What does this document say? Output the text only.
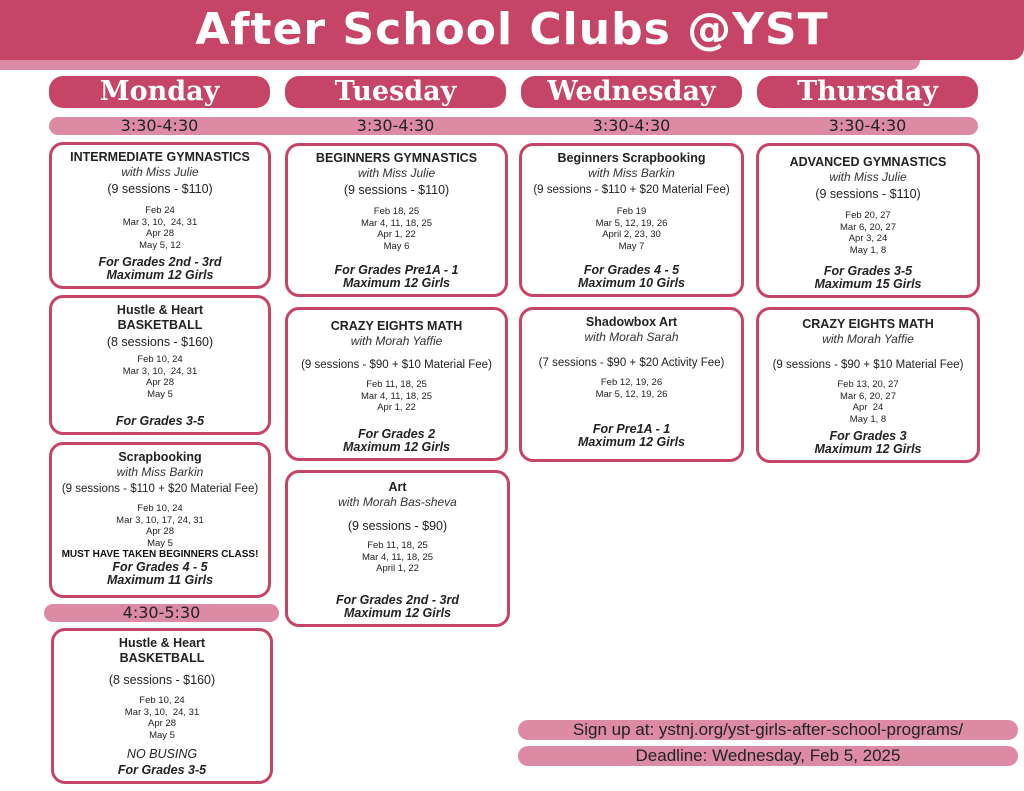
After School Clubs @YST
Monday	Tuesday	Wednesday	Thursday
3:30-4:30	3:30-4:30	3:30-4:30	3:30-4:30
INTERMEDIATE GYMNASTICS
with Miss Julie
(9 sessions - $110)
Feb 24
Mar 3, 10,  24, 31
Apr 28
May 5, 12
For Grades 2nd - 3rd
Maximum 12 Girls
Hustle & Heart
BASKETBALL
(8 sessions - $160)
Feb 10, 24
Mar 3, 10,  24, 31
Apr 28
May 5
For Grades 3-5
Scrapbooking
with Miss Barkin
(9 sessions - $110 + $20 Material Fee)
Feb 10, 24
Mar 3, 10, 17, 24, 31
Apr 28
May 5
MUST HAVE TAKEN BEGINNERS CLASS!
For Grades 4 - 5
Maximum 11 Girls
4:30-5:30
Hustle & Heart
BASKETBALL
(8 sessions - $160)
Feb 10, 24
Mar 3, 10,  24, 31
Apr 28
May 5
NO BUSING
For Grades 3-5
BEGINNERS GYMNASTICS
with Miss Julie
(9 sessions - $110)
Feb 18, 25
Mar 4, 11, 18, 25
Apr 1, 22
May 6
For Grades Pre1A - 1
Maximum 12 Girls
CRAZY EIGHTS MATH
with Morah Yaffie
(9 sessions - $90 + $10 Material Fee)
Feb 11, 18, 25
Mar 4, 11, 18, 25
Apr 1, 22
For Grades 2
Maximum 12 Girls
Art
with Morah Bas-sheva
(9 sessions - $90)
Feb 11, 18, 25
Mar 4, 11, 18, 25
April 1, 22
For Grades 2nd - 3rd
Maximum 12 Girls
Beginners Scrapbooking
with Miss Barkin
(9 sessions - $110 + $20 Material Fee)
Feb 19
Mar 5, 12, 19, 26
April 2, 23, 30
May 7
For Grades 4 - 5
Maximum 10 Girls
Shadowbox Art
with Morah Sarah
(7 sessions - $90 + $20 Activity Fee)
Feb 12, 19, 26
Mar 5, 12, 19, 26
For Pre1A - 1
Maximum 12 Girls
ADVANCED GYMNASTICS
with Miss Julie
(9 sessions - $110)
Feb 20, 27
Mar 6, 20, 27
Apr 3, 24
May 1, 8
For Grades 3-5
Maximum 15 Girls
CRAZY EIGHTS MATH
with Morah Yaffie
(9 sessions - $90 + $10 Material Fee)
Feb 13, 20, 27
Mar 6, 20, 27
Apr  24
May 1, 8
For Grades 3
Maximum 12 Girls
Sign up at: ystnj.org/yst-girls-after-school-programs/
Deadline: Wednesday, Feb 5, 2025
